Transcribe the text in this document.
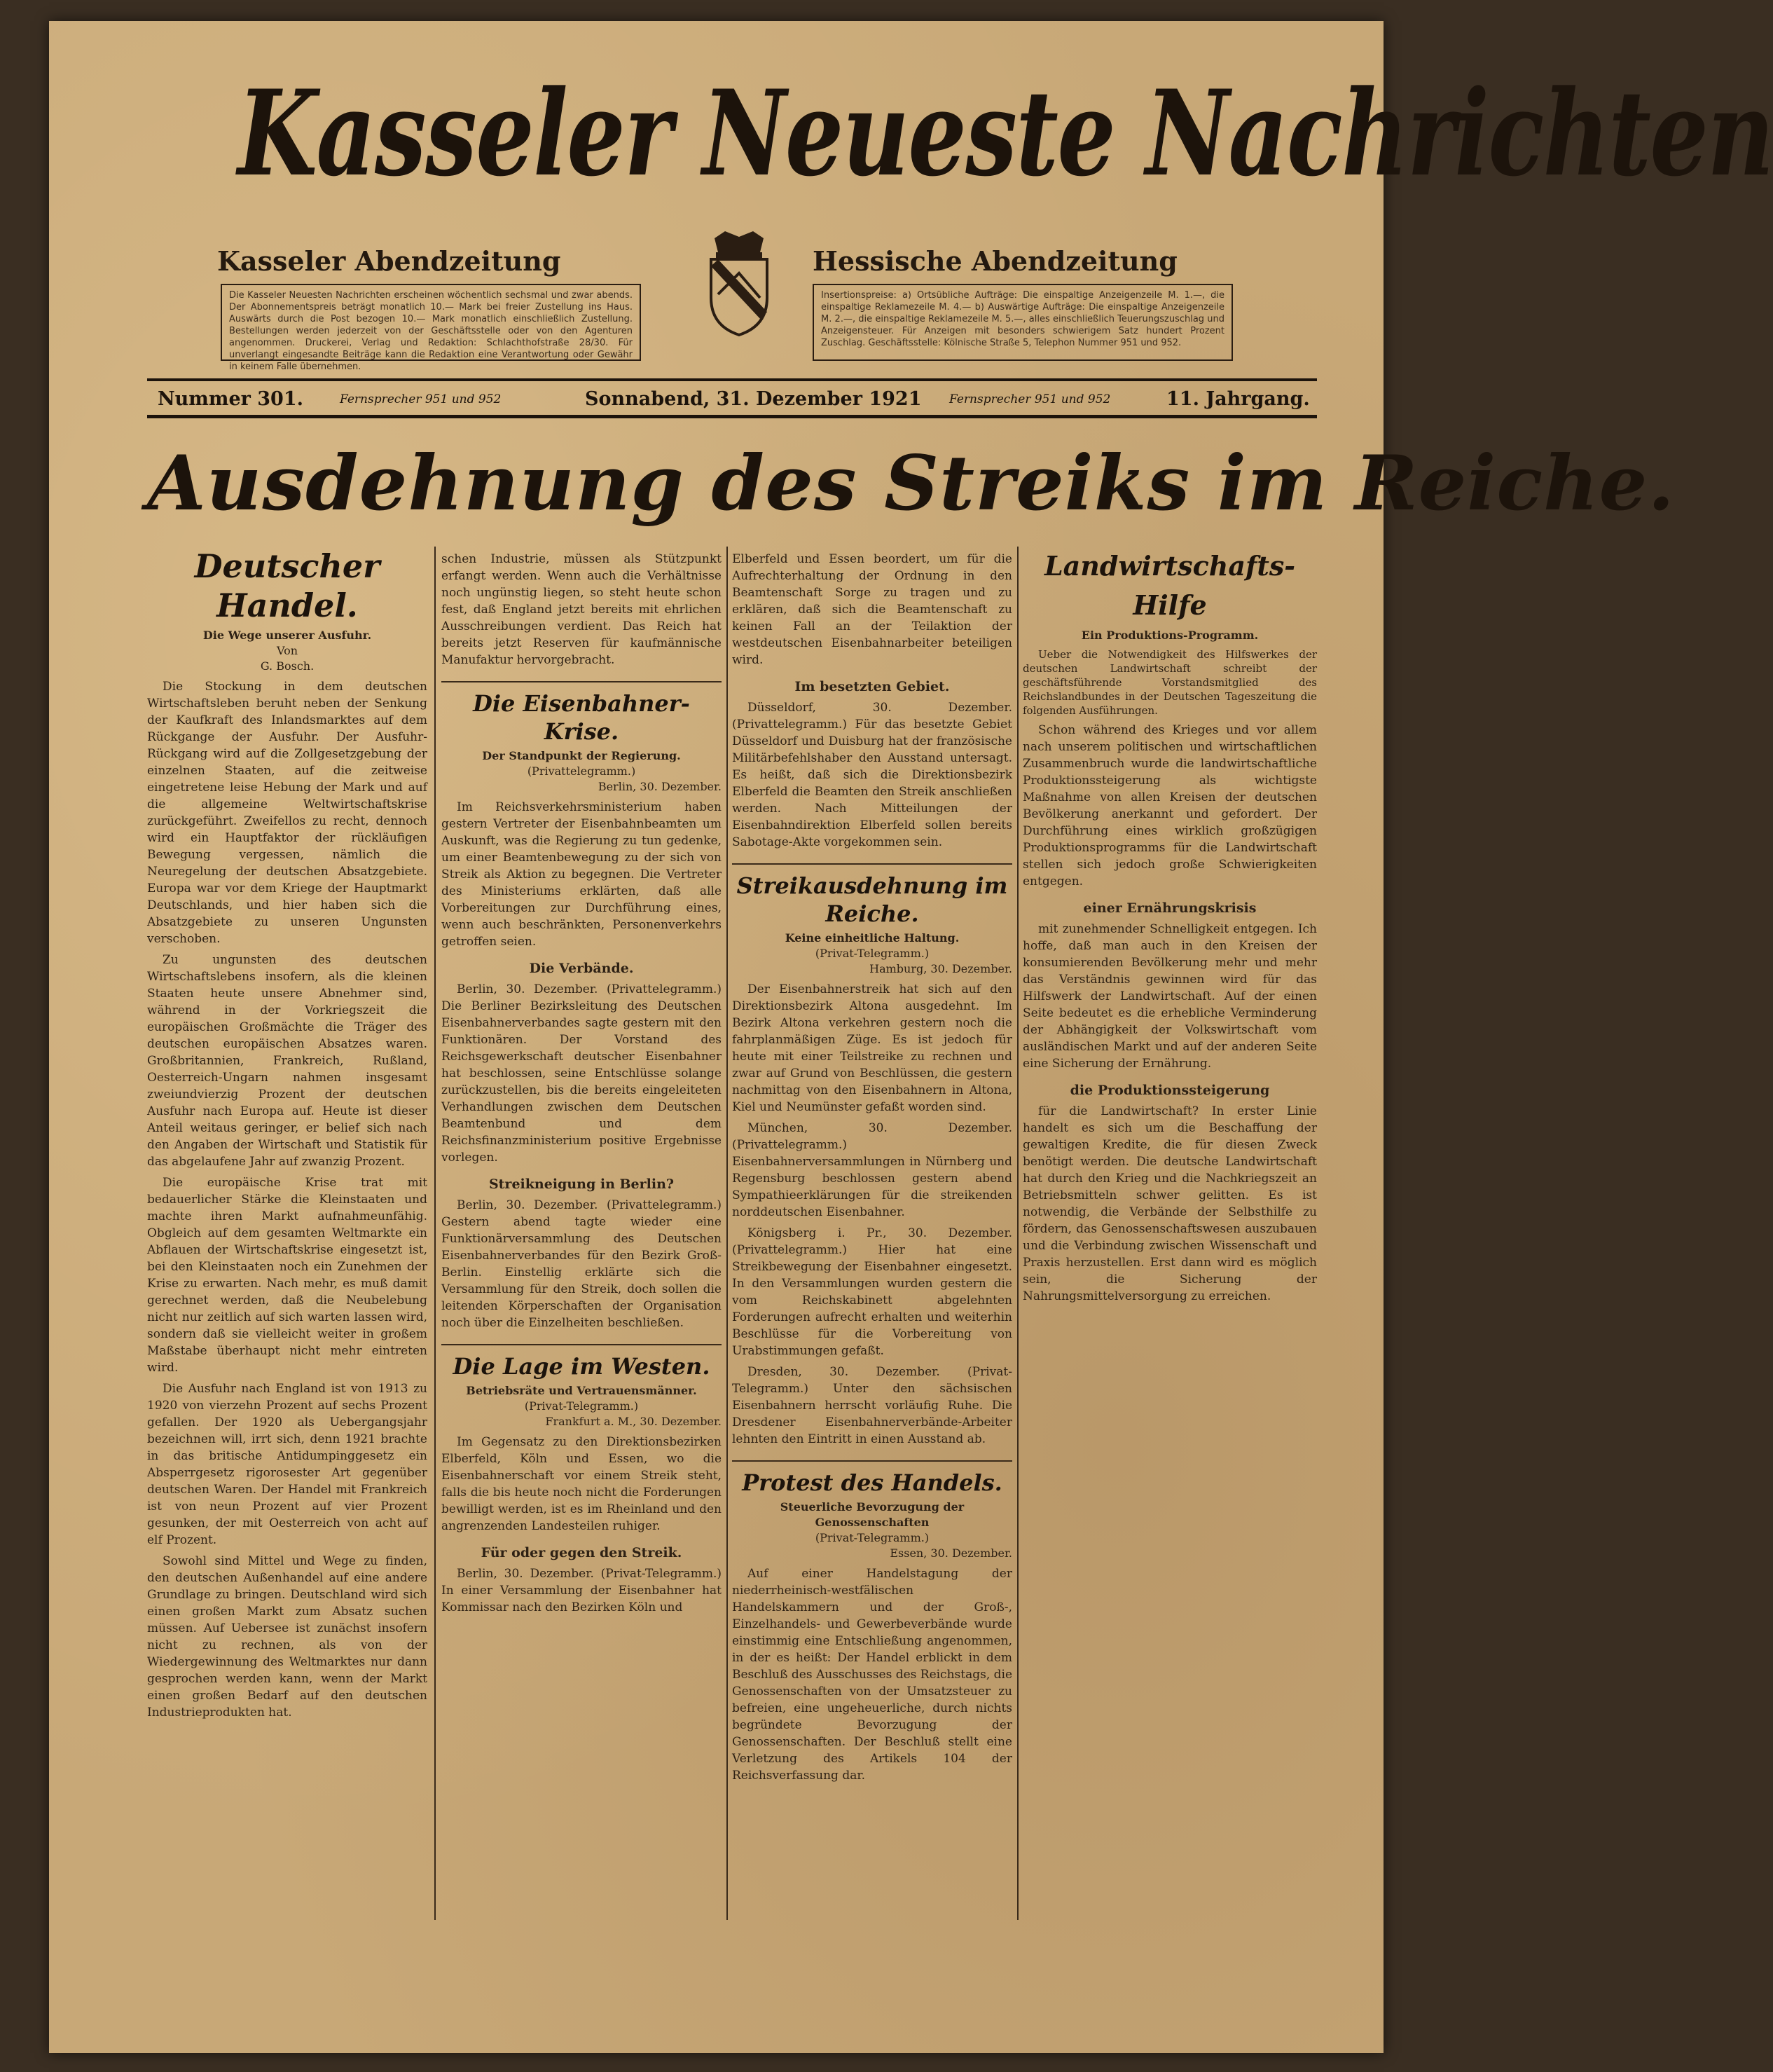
Kasseler Neueste Nachrichten
Kasseler Abendzeitung	Hessische Abendzeitung
Die Kasseler Neuesten Nachrichten erscheinen wöchentlich sechsmal und zwar abends. Der Abonnementspreis beträgt monatlich 10.— Mark bei freier Zustellung ins Haus. Auswärts durch die Post bezogen 10.— Mark monatlich einschließlich Zustellung. Bestellungen werden jederzeit von der Geschäftsstelle oder von den Agenturen angenommen. Druckerei, Verlag und Redaktion: Schlachthofstraße 28/30. Für unverlangt eingesandte Beiträge kann die Redaktion eine Verantwortung oder Gewähr in keinem Falle übernehmen.
Insertionspreise: a) Ortsübliche Aufträge: Die einspaltige Anzeigenzeile M. 1.—, die einspaltige Reklamezeile M. 4.— b) Auswärtige Aufträge: Die einspaltige Anzeigenzeile M. 2.—, die einspaltige Reklamezeile M. 5.—, alles einschließlich Teuerungszuschlag und Anzeigensteuer. Für Anzeigen mit besonders schwierigem Satz hundert Prozent Zuschlag. Geschäftsstelle: Kölnische Straße 5, Telephon Nummer 951 und 952.
Nummer 301.	Fernsprecher 951 und 952	Sonnabend, 31. Dezember 1921 Fernsprecher 951 und 952	11. Jahrgang.
Ausdehnung des Streiks im Reiche.
Deutscher Handel.

Die Wege unserer Ausfuhr.

Von

G. Bosch.

Die Stockung in dem deutschen Wirtschaftsleben beruht neben der Senkung der Kaufkraft des Inlandsmarktes auf dem Rückgange der Ausfuhr. Der Ausfuhr-Rückgang wird auf die Zollgesetzgebung der einzelnen Staaten, auf die zeitweise eingetretene leise Hebung der Mark und auf die allgemeine Weltwirtschaftskrise zurückgeführt. Zweifellos zu recht, dennoch wird ein Hauptfaktor der rückläufigen Bewegung vergessen, nämlich die Neuregelung der deutschen Absatzgebiete. Europa war vor dem Kriege der Hauptmarkt Deutschlands, und hier haben sich die Absatzgebiete zu unseren Ungunsten verschoben.

Zu ungunsten des deutschen Wirtschaftslebens insofern, als die kleinen Staaten heute unsere Abnehmer sind, während in der Vorkriegszeit die europäischen Großmächte die Träger des deutschen europäischen Absatzes waren. Großbritannien, Frankreich, Rußland, Oesterreich-Ungarn nahmen insgesamt zweiundvierzig Prozent der deutschen Ausfuhr nach Europa auf. Heute ist dieser Anteil weitaus geringer, er belief sich nach den Angaben der Wirtschaft und Statistik für das abgelaufene Jahr auf zwanzig Prozent.

Die europäische Krise trat mit bedauerlicher Stärke die Kleinstaaten und machte ihren Markt aufnahmeunfähig. Obgleich auf dem gesamten Weltmarkte ein Abflauen der Wirtschaftskrise eingesetzt ist, bei den Kleinstaaten noch ein Zunehmen der Krise zu erwarten. Nach mehr, es muß damit gerechnet werden, daß die Neubelebung nicht nur zeitlich auf sich warten lassen wird, sondern daß sie vielleicht weiter in großem Maßstabe überhaupt nicht mehr eintreten wird.

Die Ausfuhr nach England ist von 1913 zu 1920 von vierzehn Prozent auf sechs Prozent gefallen. Der 1920 als Uebergangsjahr bezeichnen will, irrt sich, denn 1921 brachte in das britische Antidumpinggesetz ein Absperrgesetz rigorosester Art gegenüber deutschen Waren. Der Handel mit Frankreich ist von neun Prozent auf vier Prozent gesunken, der mit Oesterreich von acht auf elf Prozent.

Sowohl sind Mittel und Wege zu finden, den deutschen Außenhandel auf eine andere Grundlage zu bringen. Deutschland wird sich einen großen Markt zum Absatz suchen müssen. Auf Uebersee ist zunächst insofern nicht zu rechnen, als von der Wiedergewinnung des Weltmarktes nur dann gesprochen werden kann, wenn der Markt einen großen Bedarf auf den deutschen Industrieprodukten hat.

schen Industrie, müssen als Stützpunkt erfangt werden. Wenn auch die Verhältnisse noch ungünstig liegen, so steht heute schon fest, daß England jetzt bereits mit ehrlichen Ausschreibungen verdient. Das Reich hat bereits jetzt Reserven für kaufmännische Manufaktur hervorgebracht.

Die Eisenbahner-Krise.

Der Standpunkt der Regierung.

(Privattelegramm.)

Berlin, 30. Dezember.

Im Reichsverkehrsministerium haben gestern Vertreter der Eisenbahnbeamten um Auskunft, was die Regierung zu tun gedenke, um einer Beamtenbewegung zu der sich von Streik als Aktion zu begegnen. Die Vertreter des Ministeriums erklärten, daß alle Vorbereitungen zur Durchführung eines, wenn auch beschränkten, Personenverkehrs getroffen seien.

Die Verbände.

Berlin, 30. Dezember. (Privattelegramm.) Die Berliner Bezirksleitung des Deutschen Eisenbahnerverbandes sagte gestern mit den Funktionären. Der Vorstand des Reichsgewerkschaft deutscher Eisenbahner hat beschlossen, seine Entschlüsse solange zurückzustellen, bis die bereits eingeleiteten Verhandlungen zwischen dem Deutschen Beamtenbund und dem Reichsfinanzministerium positive Ergebnisse vorlegen.

Streikneigung in Berlin?

Berlin, 30. Dezember. (Privattelegramm.) Gestern abend tagte wieder eine Funktionärversammlung des Deutschen Eisenbahnerverbandes für den Bezirk Groß-Berlin. Einstellig erklärte sich die Versammlung für den Streik, doch sollen die leitenden Körperschaften der Organisation noch über die Einzelheiten beschließen.

Die Lage im Westen.

Betriebsräte und Vertrauensmänner.

(Privat-Telegramm.)

Frankfurt a. M., 30. Dezember.

Im Gegensatz zu den Direktionsbezirken Elberfeld, Köln und Essen, wo die Eisenbahnerschaft vor einem Streik steht, falls die bis heute noch nicht die Forderungen bewilligt werden, ist es im Rheinland und den angrenzenden Landesteilen ruhiger.

Für oder gegen den Streik.

Berlin, 30. Dezember. (Privat-Telegramm.) In einer Versammlung der Eisenbahner hat Kommissar nach den Bezirken Köln und

Elberfeld und Essen beordert, um für die Aufrechterhaltung der Ordnung in den Beamtenschaft Sorge zu tragen und zu erklären, daß sich die Beamtenschaft zu keinen Fall an der Teilaktion der westdeutschen Eisenbahnarbeiter beteiligen wird.

Im besetzten Gebiet.

Düsseldorf, 30. Dezember. (Privattelegramm.) Für das besetzte Gebiet Düsseldorf und Duisburg hat der französische Militärbefehlshaber den Ausstand untersagt. Es heißt, daß sich die Direktionsbezirk Elberfeld die Beamten den Streik anschließen werden. Nach Mitteilungen der Eisenbahndirektion Elberfeld sollen bereits Sabotage-Akte vorgekommen sein.

Streikausdehnung im Reiche.

Keine einheitliche Haltung.

(Privat-Telegramm.)

Hamburg, 30. Dezember.

Der Eisenbahnerstreik hat sich auf den Direktionsbezirk Altona ausgedehnt. Im Bezirk Altona verkehren gestern noch die fahrplanmäßigen Züge. Es ist jedoch für heute mit einer Teilstreike zu rechnen und zwar auf Grund von Beschlüssen, die gestern nachmittag von den Eisenbahnern in Altona, Kiel und Neumünster gefaßt worden sind.

München, 30. Dezember. (Privattelegramm.) Eisenbahnerversammlungen in Nürnberg und Regensburg beschlossen gestern abend Sympathieerklärungen für die streikenden norddeutschen Eisenbahner.

Königsberg i. Pr., 30. Dezember. (Privattelegramm.) Hier hat eine Streikbewegung der Eisenbahner eingesetzt. In den Versammlungen wurden gestern die vom Reichskabinett abgelehnten Forderungen aufrecht erhalten und weiterhin Beschlüsse für die Vorbereitung von Urabstimmungen gefaßt.

Dresden, 30. Dezember. (Privat-Telegramm.) Unter den sächsischen Eisenbahnern herrscht vorläufig Ruhe. Die Dresdener Eisenbahnerverbände-Arbeiter lehnten den Eintritt in einen Ausstand ab.

Protest des Handels.

Steuerliche Bevorzugung der Genossenschaften

(Privat-Telegramm.)

Essen, 30. Dezember.

Auf einer Handelstagung der niederrheinisch-westfälischen Handelskammern und der Groß-, Einzelhandels- und Gewerbeverbände wurde einstimmig eine Entschließung angenommen, in der es heißt: Der Handel erblickt in dem Beschluß des Ausschusses des Reichstags, die Genossenschaften von der Umsatzsteuer zu befreien, eine ungeheuerliche, durch nichts begründete Bevorzugung der Genossenschaften. Der Beschluß stellt eine Verletzung des Artikels 104 der Reichsverfassung dar.

Landwirtschafts-Hilfe

Ein Produktions-Programm.

Ueber die Notwendigkeit des Hilfswerkes der deutschen Landwirtschaft schreibt der geschäftsführende Vorstandsmitglied des Reichslandbundes in der Deutschen Tageszeitung die folgenden Ausführungen.

Schon während des Krieges und vor allem nach unserem politischen und wirtschaftlichen Zusammenbruch wurde die landwirtschaftliche Produktionssteigerung als wichtigste Maßnahme von allen Kreisen der deutschen Bevölkerung anerkannt und gefordert. Der Durchführung eines wirklich großzügigen Produktionsprogramms für die Landwirtschaft stellen sich jedoch große Schwierigkeiten entgegen.

einer Ernährungskrisis

mit zunehmender Schnelligkeit entgegen. Ich hoffe, daß man auch in den Kreisen der konsumierenden Bevölkerung mehr und mehr das Verständnis gewinnen wird für das Hilfswerk der Landwirtschaft. Auf der einen Seite bedeutet es die erhebliche Verminderung der Abhängigkeit der Volkswirtschaft vom ausländischen Markt und auf der anderen Seite eine Sicherung der Ernährung.

die Produktionssteigerung

für die Landwirtschaft? In erster Linie handelt es sich um die Beschaffung der gewaltigen Kredite, die für diesen Zweck benötigt werden. Die deutsche Landwirtschaft hat durch den Krieg und die Nachkriegszeit an Betriebsmitteln schwer gelitten. Es ist notwendig, die Verbände der Selbsthilfe zu fördern, das Genossenschaftswesen auszubauen und die Verbindung zwischen Wissenschaft und Praxis herzustellen. Erst dann wird es möglich sein, die Sicherung der Nahrungsmittelversorgung zu erreichen.
